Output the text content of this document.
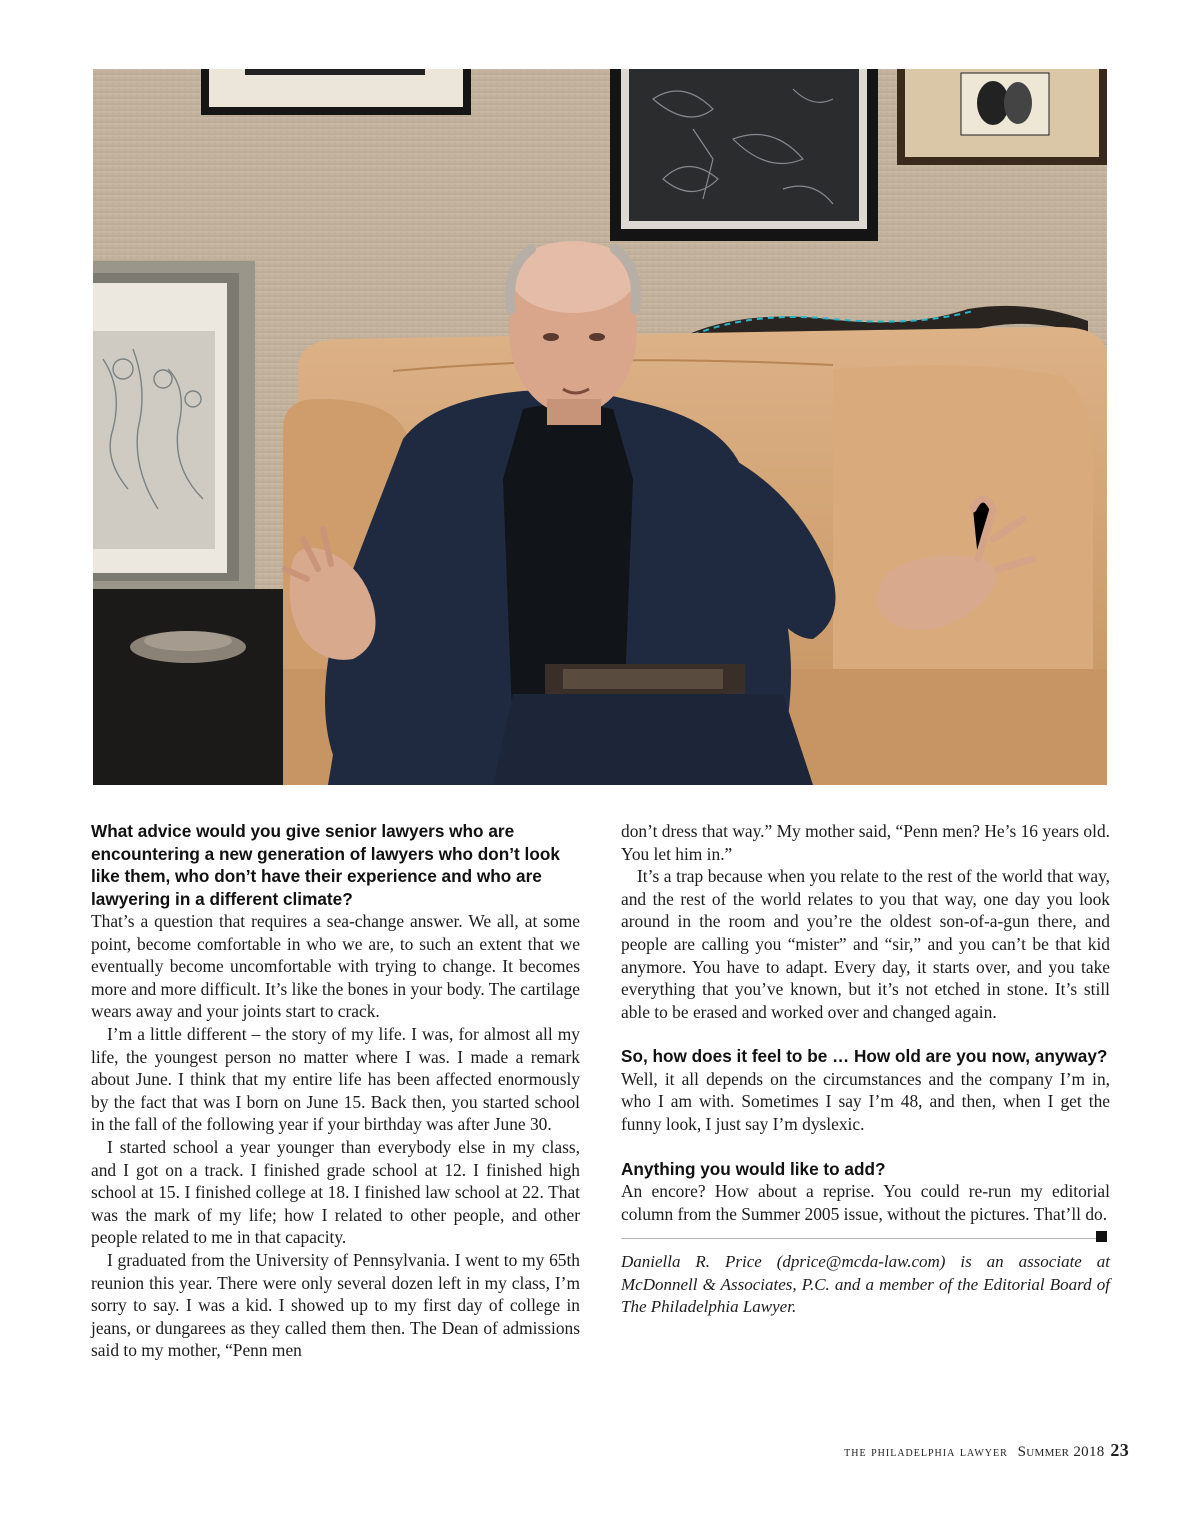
What advice would you give senior lawyers who are encountering a new generation of lawyers who don’t look like them, who don’t have their experience and who are lawyering in a different climate?

That’s a question that requires a sea-change answer. We all, at some point, become comfortable in who we are, to such an extent that we eventually become uncomfortable with trying to change. It becomes more and more difficult. It’s like the bones in your body. The cartilage wears away and your joints start to crack.

I’m a little different – the story of my life. I was, for almost all my life, the youngest person no matter where I was. I made a remark about June. I think that my entire life has been affected enormously by the fact that was I born on June 15. Back then, you started school in the fall of the following year if your birthday was after June 30.

I started school a year younger than everybody else in my class, and I got on a track. I finished grade school at 12. I finished high school at 15. I finished college at 18. I finished law school at 22. That was the mark of my life; how I related to other people, and other people related to me in that capacity.

I graduated from the University of Pennsylvania. I went to my 65th reunion this year. There were only several dozen left in my class, I’m sorry to say. I was a kid. I showed up to my first day of college in jeans, or dungarees as they called them then. The Dean of admissions said to my mother, “Penn men

don’t dress that way.” My mother said, “Penn men? He’s 16 years old. You let him in.”

It’s a trap because when you relate to the rest of the world that way, and the rest of the world relates to you that way, one day you look around in the room and you’re the oldest son-of-a-gun there, and people are calling you “mister” and “sir,” and you can’t be that kid anymore. You have to adapt. Every day, it starts over, and you take everything that you’ve known, but it’s not etched in stone. It’s still able to be erased and worked over and changed again.

So, how does it feel to be … How old are you now, anyway?

Well, it all depends on the circumstances and the company I’m in, who I am with. Sometimes I say I’m 48, and then, when I get the funny look, I just say I’m dyslexic.

Anything you would like to add?

An encore? How about a reprise. You could re-run my editorial column from the Summer 2005 issue, without the pictures. That’ll do.

Daniella R. Price (dprice@mcda-law.com) is an associate at McDonnell & Associates, P.C. and a member of the Editorial Board of The Philadelphia Lawyer.

the philadelphia lawyer Summer 2018 23
